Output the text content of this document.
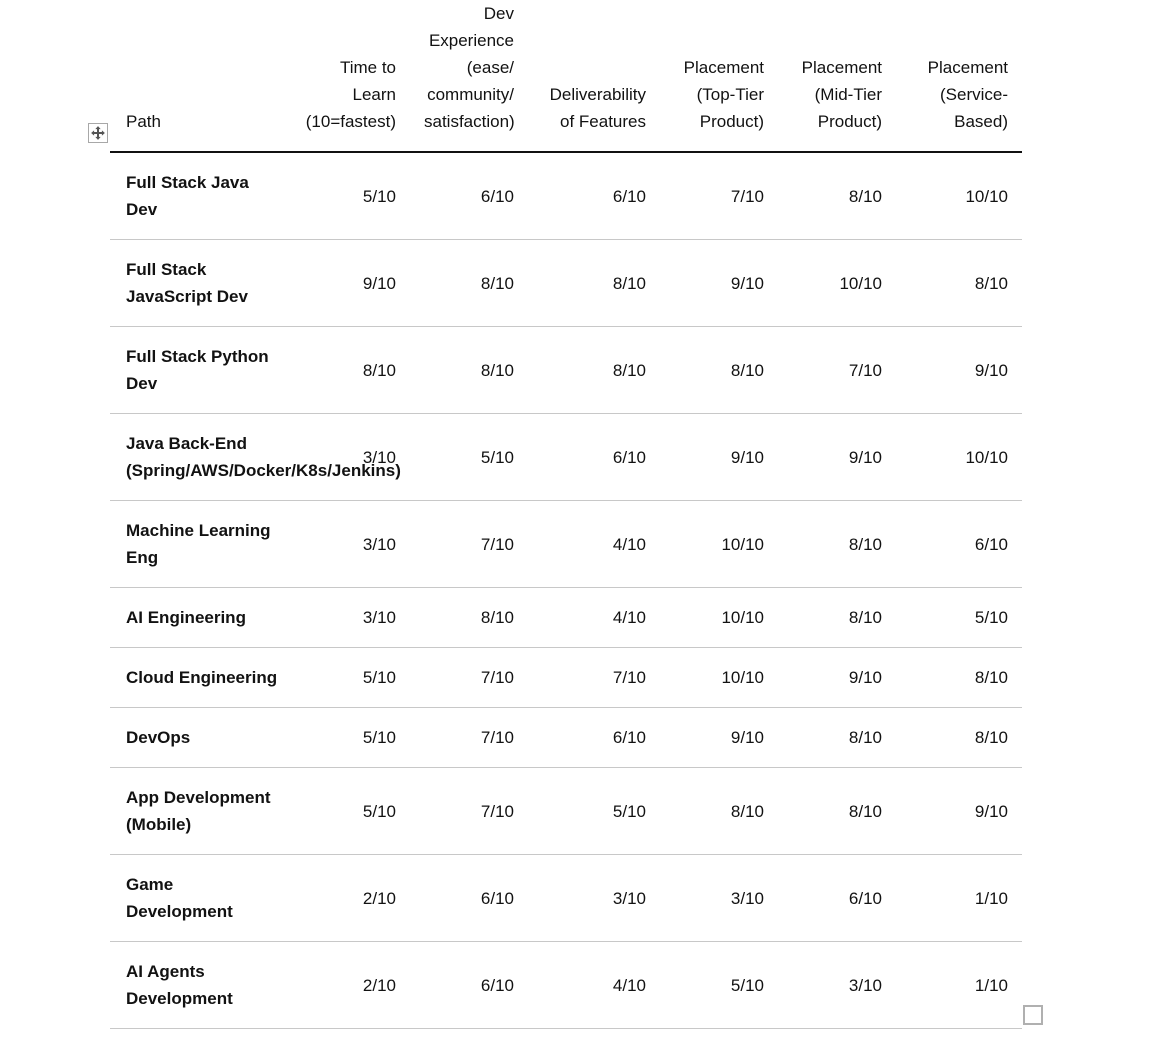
Path	Time to Learn (10=fastest)	Dev Experience (ease/ community/ satisfaction)	Deliverability of Features	Placement (Top-Tier Product)	Placement (Mid-Tier Product)	Placement (Service-Based)
Full Stack Java Dev	5/10	6/10	6/10	7/10	8/10	10/10
Full Stack JavaScript Dev	9/10	8/10	8/10	9/10	10/10	8/10
Full Stack Python Dev	8/10	8/10	8/10	8/10	7/10	9/10
Java Back-End (Spring/AWS/Docker/K8s/Jenkins)	3/10	5/10	6/10	9/10	9/10	10/10
Machine Learning Eng	3/10	7/10	4/10	10/10	8/10	6/10
AI Engineering	3/10	8/10	4/10	10/10	8/10	5/10
Cloud Engineering	5/10	7/10	7/10	10/10	9/10	8/10
DevOps	5/10	7/10	6/10	9/10	8/10	8/10
App Development (Mobile)	5/10	7/10	5/10	8/10	8/10	9/10
Game Development	2/10	6/10	3/10	3/10	6/10	1/10
AI Agents Development	2/10	6/10	4/10	5/10	3/10	1/10
